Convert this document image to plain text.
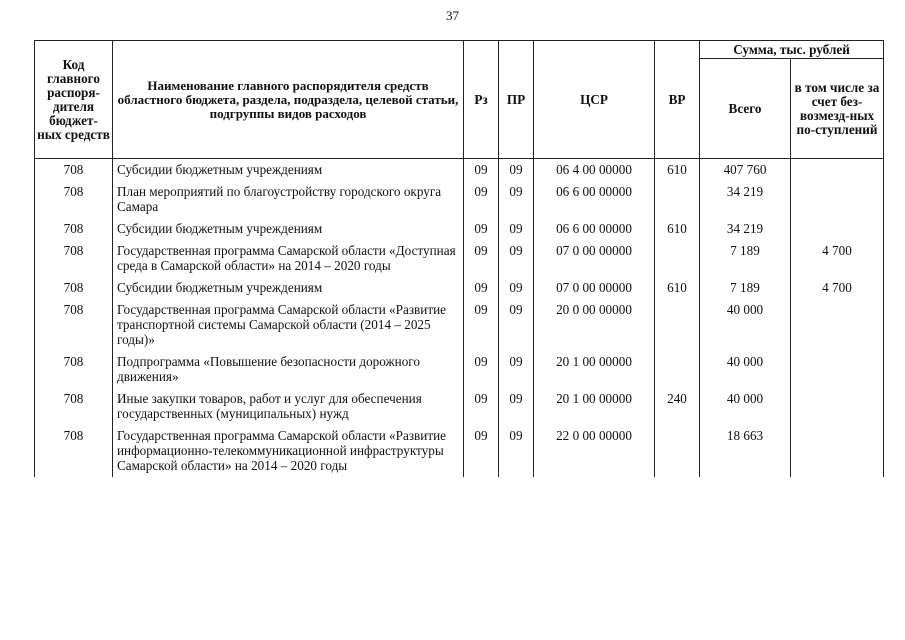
37
Код главного распоря-дителя бюджет-ных средств	Наименование главного распорядителя средств областного бюджета, раздела, подраздела, целевой статьи, подгруппы видов расходов	Рз	ПР	ЦСР	ВР	Сумма, тыс. рублей	
						Всего	в том числе за счет без-возмезд-ных по-ступлений
708	Субсидии бюджетным учреждениям	09	09	06 4 00 00000	610	407 760	
708	План мероприятий по благоустройству городского округа Самара	09	09	06 6 00 00000		34 219	
708	Субсидии бюджетным учреждениям	09	09	06 6 00 00000	610	34 219	
708	Государственная программа Самарской области «Доступная среда в Самарской области» на 2014 – 2020 годы	09	09	07 0 00 00000		7 189	4 700
708	Субсидии бюджетным учреждениям	09	09	07 0 00 00000	610	7 189	4 700
708	Государственная программа Самарской области «Развитие транспортной системы Самарской области (2014 – 2025 годы)»	09	09	20 0 00 00000		40 000	
708	Подпрограмма «Повышение безопасности дорожного движения»	09	09	20 1 00 00000		40 000	
708	Иные закупки товаров, работ и услуг для обеспечения государственных (муниципальных) нужд	09	09	20 1 00 00000	240	40 000	
708	Государственная программа Самарской области «Развитие информационно-телекоммуникационной инфраструктуры Самарской области» на 2014 – 2020 годы	09	09	22 0 00 00000		18 663	
